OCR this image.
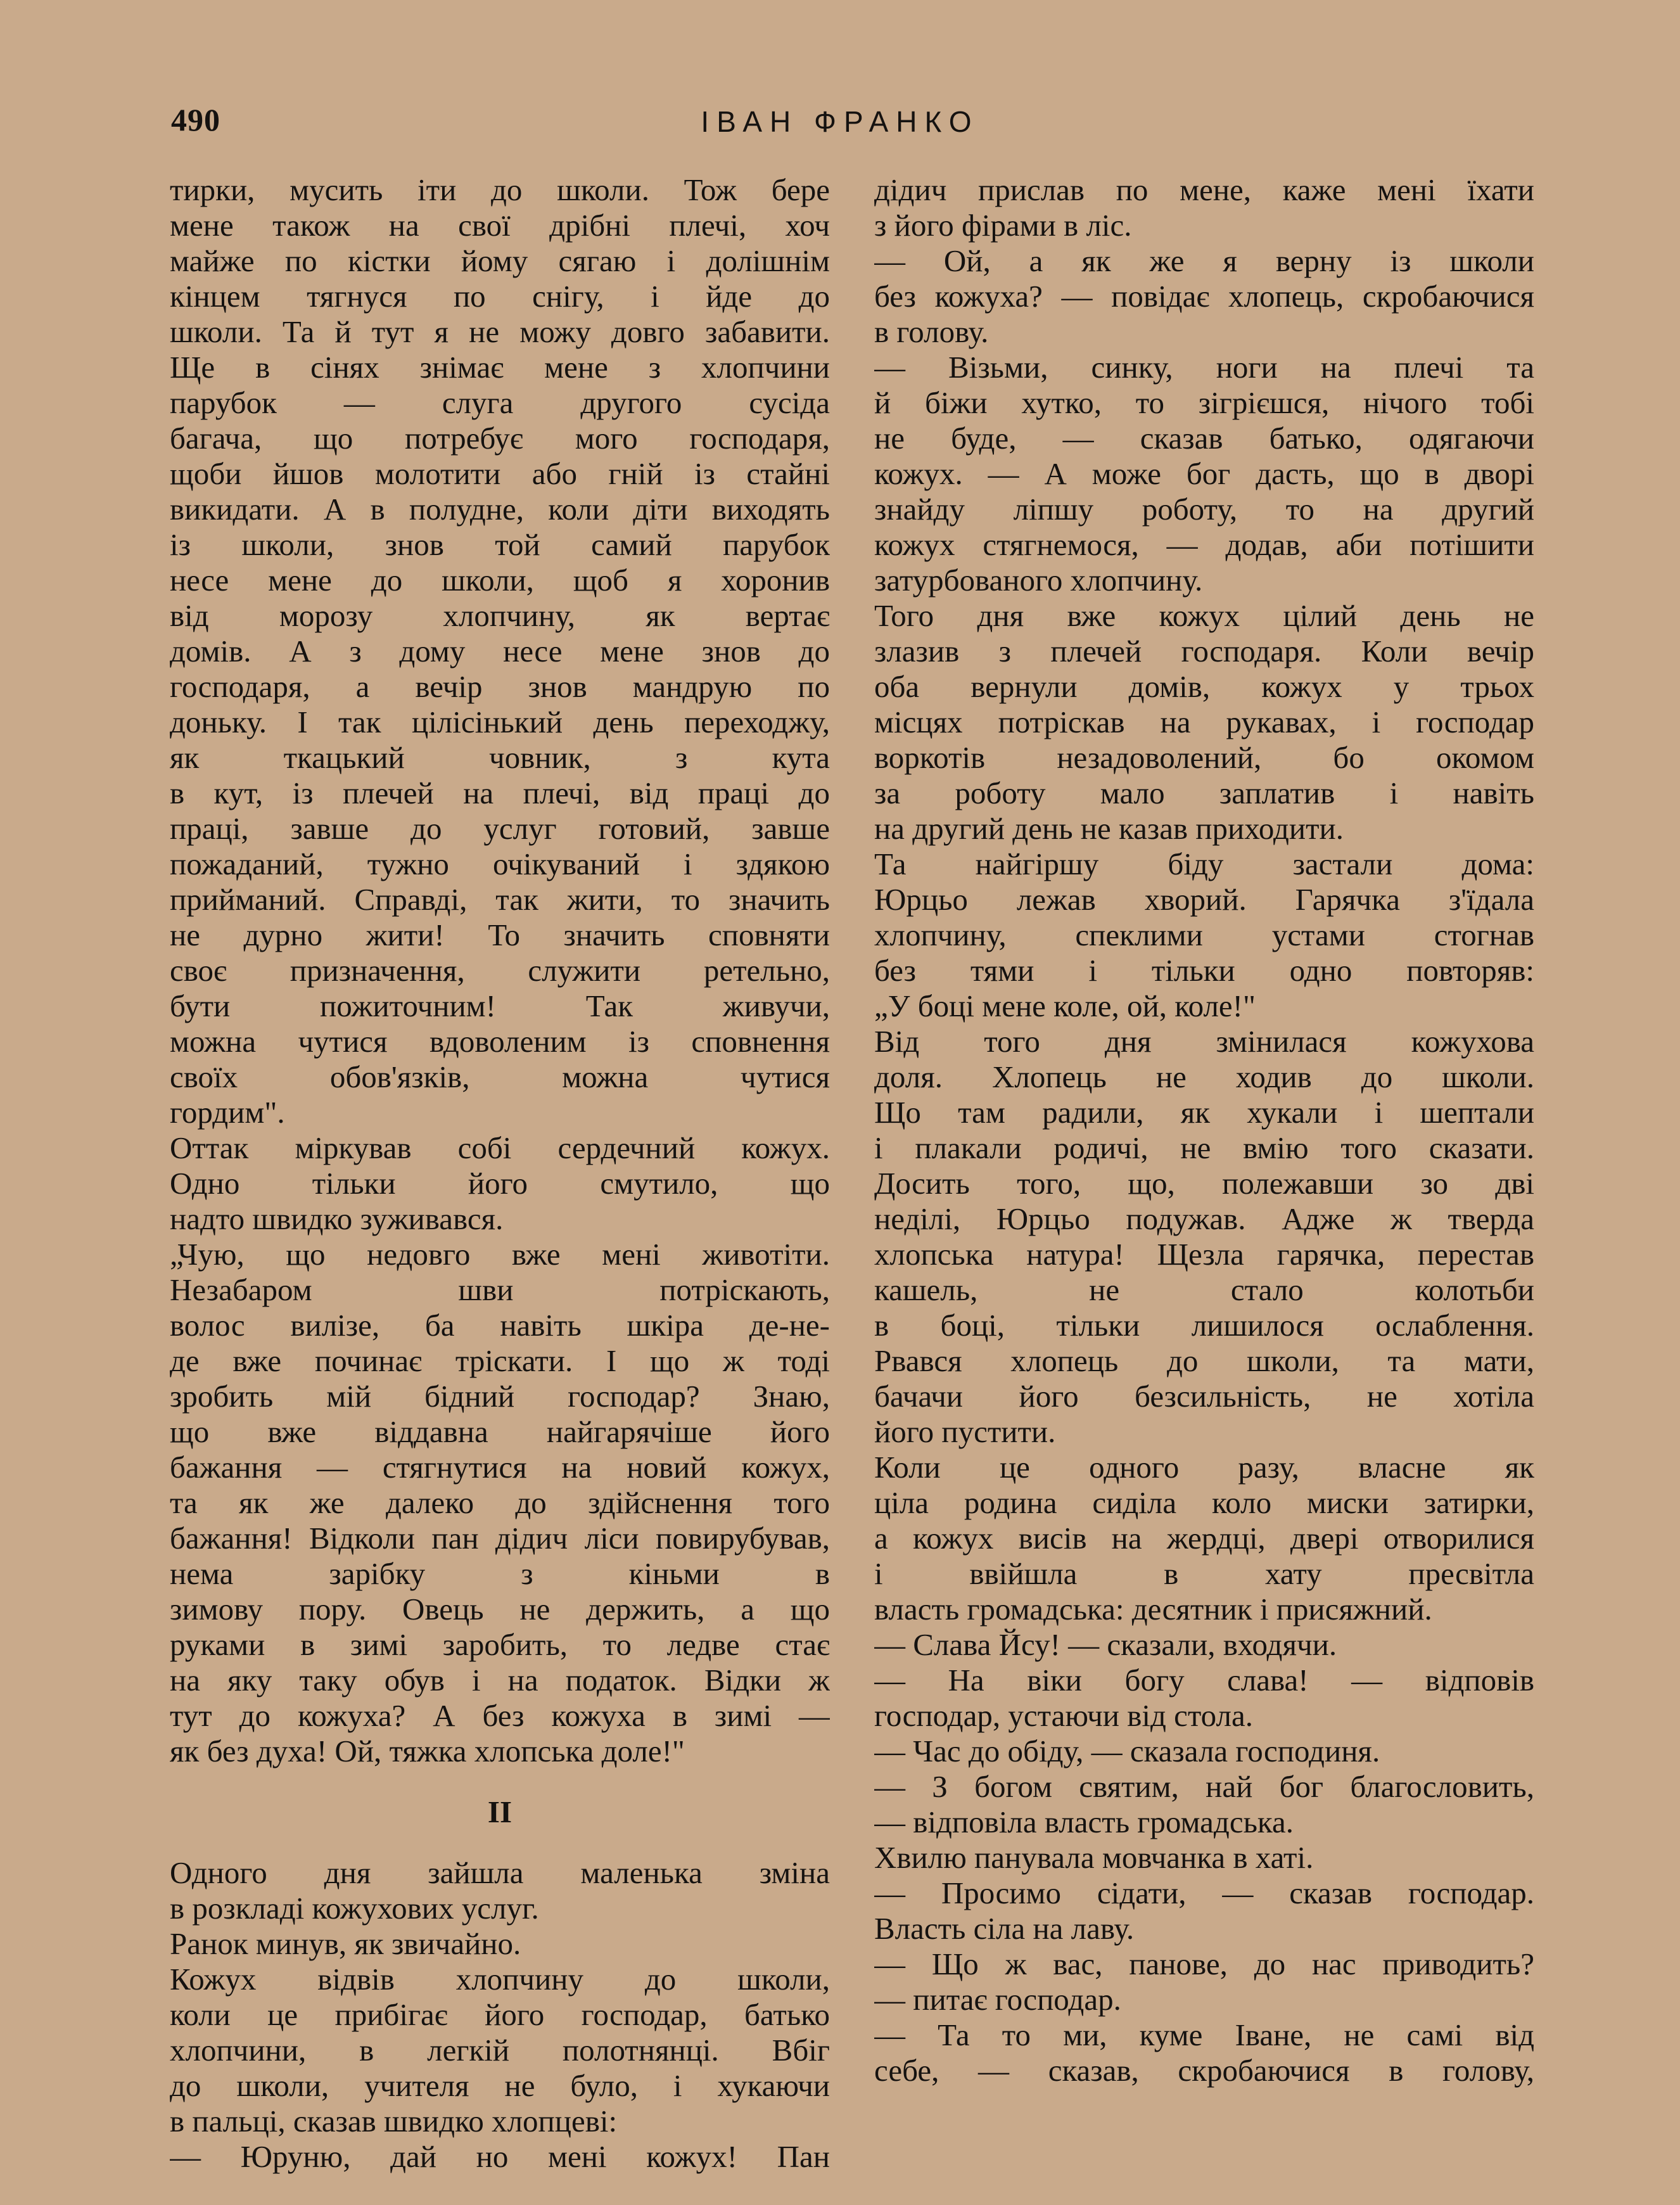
490	ІВАН ФРАНКО
тирки, мусить іти до школи. Тож бере
мене також на свої дрібні плечі, хоч
майже по кістки йому сягаю і долішнім
кінцем тягнуся по снігу, і йде до
школи. Та й тут я не можу довго забавити.
Ще в сінях знімає мене з хлопчини
парубок — слуга другого сусіда
багача, що потребує мого господаря,
щоби йшов молотити або гній із стайні
викидати. А в полудне, коли діти виходять
із школи, знов той самий парубок
несе мене до школи, щоб я хоронив
від морозу хлопчину, як вертає
домів. А з дому несе мене знов до
господаря, а вечір знов мандрую по
доньку. І так цілісінький день переходжу,
як ткацький човник, з кута
в кут, із плечей на плечі, від праці до
праці, завше до услуг готовий, завше
пожаданий, тужно очікуваний і здякою
прийманий. Справді, так жити, то значить
не дурно жити! То значить сповняти
своє призначення, служити ретельно,
бути пожиточним! Так живучи,
можна чутися вдоволеним із сповнення
своїх обов'язків, можна чутися
гордим".
Оттак міркував собі сердечний кожух.
Одно тільки його смутило, що
надто швидко зуживався.
„Чую, що недовго вже мені животіти.
Незабаром шви потріскають,
волос вилізе, ба навіть шкіра де-не-
де вже починає тріскати. І що ж тоді
зробить мій бідний господар? Знаю,
що вже віддавна найгарячіше його
бажання — стягнутися на новий кожух,
та як же далеко до здійснення того
бажання! Відколи пан дідич ліси повирубував,
нема зарібку з кіньми в
зимову пору. Овець не держить, а що
руками в зимі заробить, то ледве стає
на яку таку обув і на податок. Відки ж
тут до кожуха? А без кожуха в зимі —
як без духа! Ой, тяжка хлопська доле!"
II
Одного дня зайшла маленька зміна
в розкладі кожухових услуг.
Ранок минув, як звичайно.
Кожух відвів хлопчину до школи,
коли це прибігає його господар, батько
хлопчини, в легкій полотнянці. Вбіг
до школи, учителя не було, і хукаючи
в пальці, сказав швидко хлопцеві:
— Юруню, дай но мені кожух! Пан
дідич прислав по мене, каже мені їхати
з його фірами в ліс.
— Ой, а як же я верну із школи
без кожуха? — повідає хлопець, скробаючися
в голову.
— Візьми, синку, ноги на плечі та
й біжи хутко, то зігрієшся, нічого тобі
не буде, — сказав батько, одягаючи
кожух. — А може бог дасть, що в дворі
знайду ліпшу роботу, то на другий
кожух стягнемося, — додав, аби потішити
затурбованого хлопчину.
Того дня вже кожух цілий день не
злазив з плечей господаря. Коли вечір
оба вернули домів, кожух у трьох
місцях потріскав на рукавах, і господар
воркотів незадоволений, бо окомом
за роботу мало заплатив і навіть
на другий день не казав приходити.
Та найгіршу біду застали дома:
Юрцьо лежав хворий. Гарячка з'їдала
хлопчину, спеклими устами стогнав
без тями і тільки одно повторяв:
„У боці мене коле, ой, коле!"
Від того дня змінилася кожухова
доля. Хлопець не ходив до школи.
Що там радили, як хукали і шептали
і плакали родичі, не вмію того сказати.
Досить того, що, полежавши зо дві
неділі, Юрцьо подужав. Адже ж тверда
хлопська натура! Щезла гарячка, перестав
кашель, не стало колотьби
в боці, тільки лишилося ослаблення.
Рвався хлопець до школи, та мати,
бачачи його безсильність, не хотіла
його пустити.
Коли це одного разу, власне як
ціла родина сиділа коло миски затирки,
а кожух висів на жердці, двері отворилися
і ввійшла в хату пресвітла
власть громадська: десятник і присяжний.
— Слава Йсу! — сказали, входячи.
— На віки богу слава! — відповів
господар, устаючи від стола.
— Час до обіду, — сказала господиня.
— З богом святим, най бог благословить,
— відповіла власть громадська.
Хвилю панувала мовчанка в хаті.
— Просимо сідати, — сказав господар.
Власть сіла на лаву.
— Що ж вас, панове, до нас приводить?
— питає господар.
— Та то ми, куме Іване, не самі від
себе, — сказав, скробаючися в голову,
